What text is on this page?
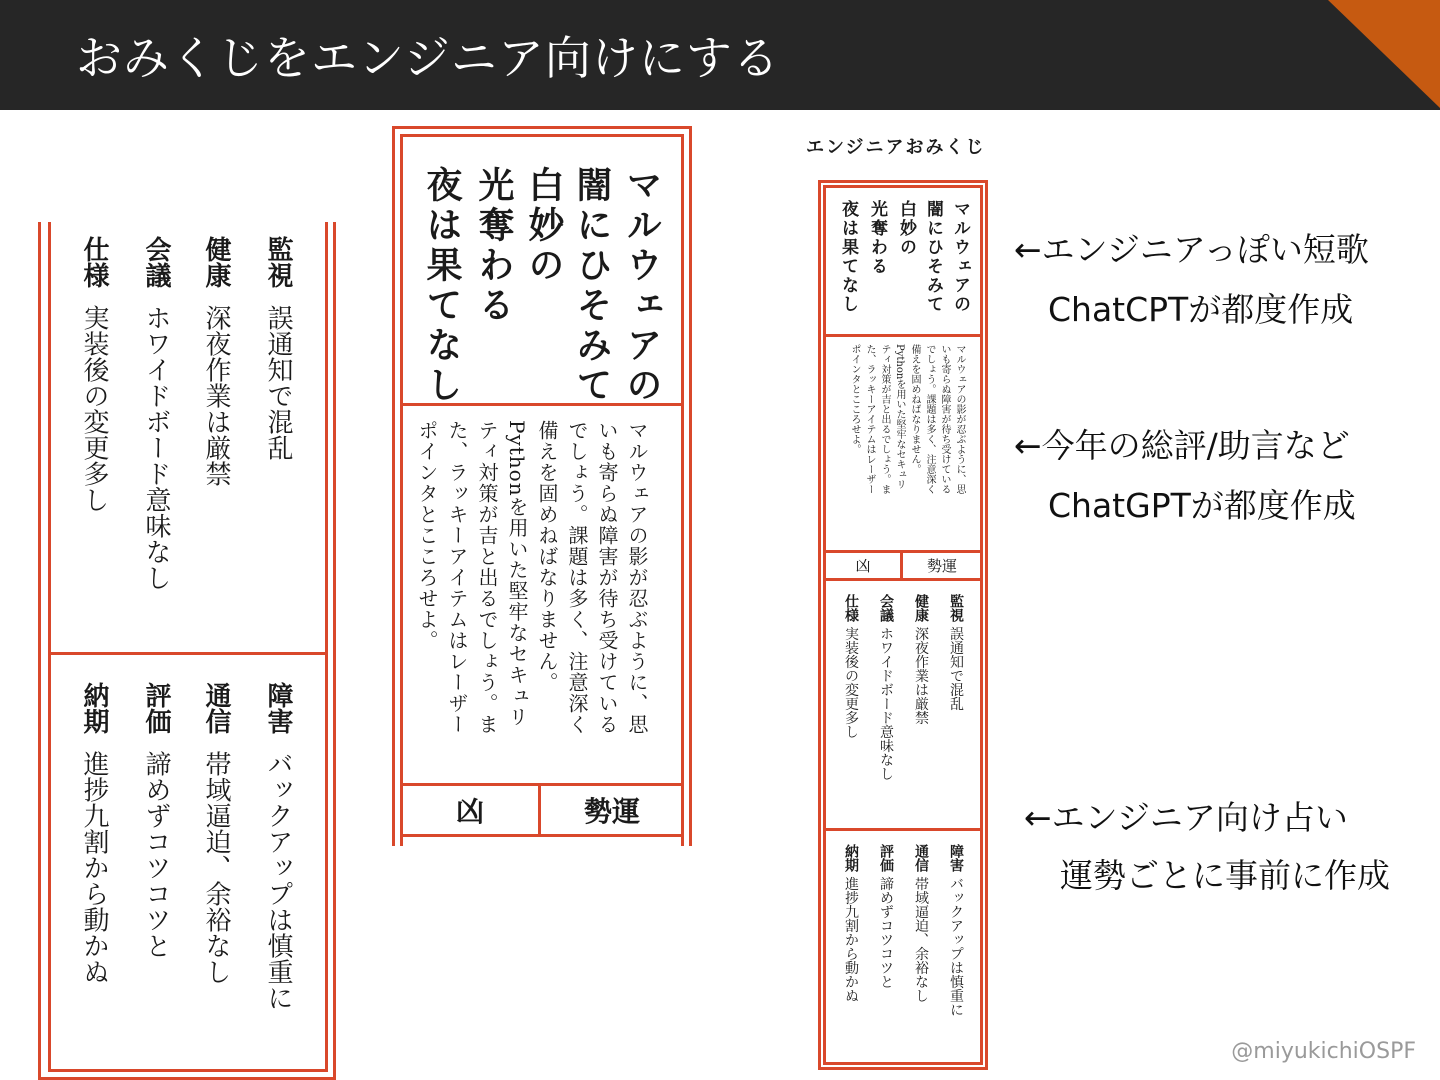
おみくじをエンジニア向けにする
監視  誤通知で混乱
健康  深夜作業は厳禁
会議  ホワイドボード意味なし
仕様  実装後の変更多し
障害  バックアップは慎重に
通信  帯域逼迫、余裕なし
評価  諦めずコツコツと
納期  進捗九割から動かぬ
マルウェアの
闇にひそみて
白妙の
光奪わる
夜は果てなし
マルウェアの影が忍ぶように、思
いも寄らぬ障害が待ち受けている
でしょう。課題は多く、注意深く
備えを固めねばなりません。
Pythonを用いた堅牢なセキュリ
ティ対策が吉と出るでしょう。ま
た、ラッキーアイテムはレーザー
ポインタとこころせよ。
凶	勢運
エンジニアおみくじ
マルウェアの
闇にひそみて
白妙の
光奪わる
夜は果てなし
マルウェアの影が忍ぶように、思
いも寄らぬ障害が待ち受けている
でしょう。課題は多く、注意深く
備えを固めねばなりません。
Pythonを用いた堅牢なセキュリ
ティ対策が吉と出るでしょう。ま
た、ラッキーアイテムはレーザー
ポインタとこころせよ。
凶	勢運
監視 誤通知で混乱
健康 深夜作業は厳禁
会議 ホワイドボード意味なし
仕様 実装後の変更多し
障害 バックアップは慎重に
通信 帯域逼迫、余裕なし
評価 諦めずコツコツと
納期 進捗九割から動かぬ
←エンジニアっぽい短歌
ChatCPTが都度作成
←今年の総評/助言など
ChatGPTが都度作成
←エンジニア向け占い
運勢ごとに事前に作成
@miyukichiOSPF
